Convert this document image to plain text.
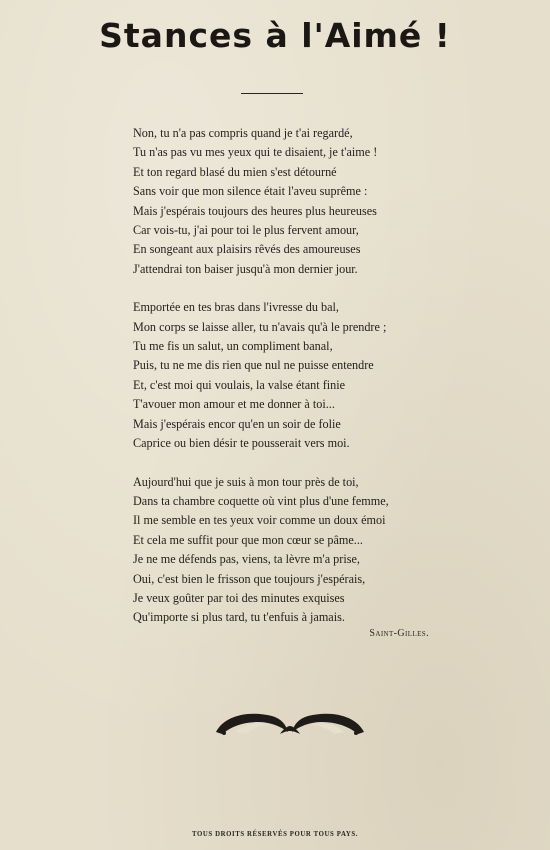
Stances à l'Aimé !
Non, tu n'a pas compris quand je t'ai regardé,
Tu n'as pas vu mes yeux qui te disaient, je t'aime !
Et ton regard blasé du mien s'est détourné
Sans voir que mon silence était l'aveu suprême :
Mais j'espérais toujours des heures plus heureuses
Car vois-tu, j'ai pour toi le plus fervent amour,
En songeant aux plaisirs rêvés des amoureuses
J'attendrai ton baiser jusqu'à mon dernier jour.
Emportée en tes bras dans l'ivresse du bal,
Mon corps se laisse aller, tu n'avais qu'à le prendre ;
Tu me fis un salut, un compliment banal,
Puis, tu ne me dis rien que nul ne puisse entendre
Et, c'est moi qui voulais, la valse étant finie
T'avouer mon amour et me donner à toi...
Mais j'espérais encor qu'en un soir de folie
Caprice ou bien désir te pousserait vers moi.
Aujourd'hui que je suis à mon tour près de toi,
Dans ta chambre coquette où vint plus d'une femme,
Il me semble en tes yeux voir comme un doux émoi
Et cela me suffit pour que mon cœur se pâme...
Je ne me défends pas, viens, ta lèvre m'a prise,
Oui, c'est bien le frisson que toujours j'espérais,
Je veux goûter par toi des minutes exquises
Qu'importe si plus tard, tu t'enfuis à jamais.
Saint-Gilles.
TOUS DROITS RÉSERVÉS POUR TOUS PAYS.
